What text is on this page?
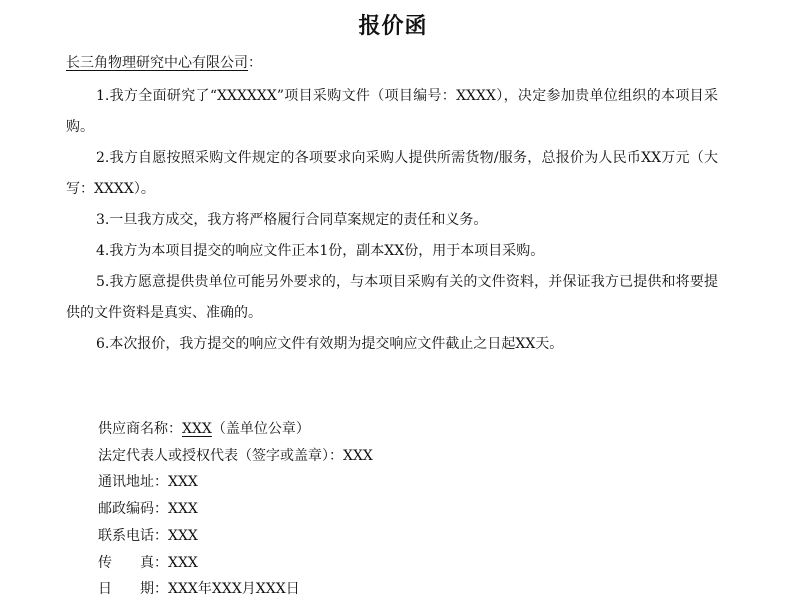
报价函
长三角物理研究中心有限公司：

1.我方全面研究了“XXXXXX”项目采购文件（项目编号：XXXX），决定参加贵单位组织的本项目采购。

2.我方自愿按照采购文件规定的各项要求向采购人提供所需货物/服务，总报价为人民币XX万元（大写：XXXX）。

3.一旦我方成交，我方将严格履行合同草案规定的责任和义务。

4.我方为本项目提交的响应文件正本1份，副本XX份，用于本项目采购。

5.我方愿意提供贵单位可能另外要求的，与本项目采购有关的文件资料，并保证我方已提供和将要提供的文件资料是真实、准确的。

6.本次报价，我方提交的响应文件有效期为提交响应文件截止之日起XX天。

供应商名称：XXX（盖单位公章）
法定代表人或授权代表（签字或盖章）：XXX
通讯地址：XXX
邮政编码：XXX
联系电话：XXX
传　　真：XXX
日　　期：XXX年XXX月XXX日
